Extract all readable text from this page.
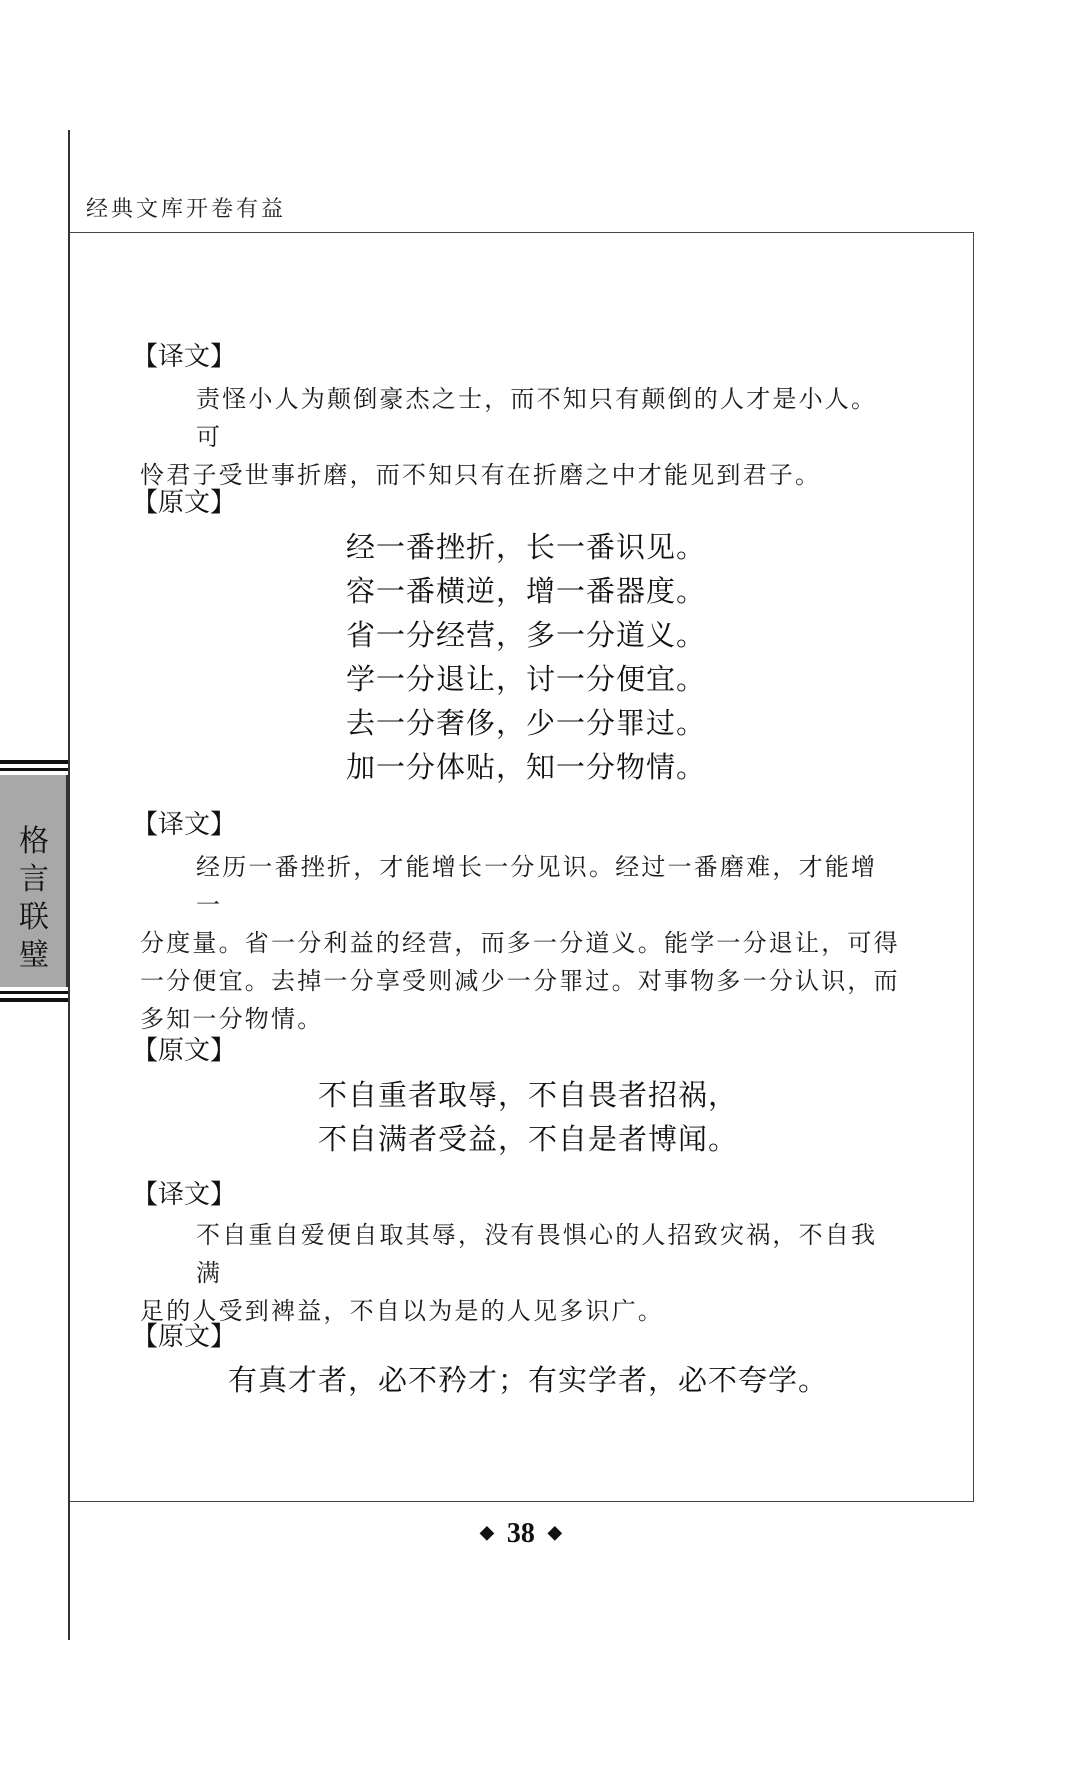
经典文库开卷有益
格
言
联
璧
【译文】
责怪小人为颠倒豪杰之士，而不知只有颠倒的人才是小人。可
怜君子受世事折磨，而不知只有在折磨之中才能见到君子。
【原文】
经一番挫折，长一番识见。
容一番横逆，增一番器度。
省一分经营，多一分道义。
学一分退让，讨一分便宜。
去一分奢侈，少一分罪过。
加一分体贴，知一分物情。
【译文】
经历一番挫折，才能增长一分见识。经过一番磨难，才能增一
分度量。省一分利益的经营，而多一分道义。能学一分退让，可得
一分便宜。去掉一分享受则减少一分罪过。对事物多一分认识，而
多知一分物情。
【原文】
不自重者取辱，不自畏者招祸，
不自满者受益，不自是者博闻。
【译文】
不自重自爱便自取其辱，没有畏惧心的人招致灾祸，不自我满
足的人受到裨益，不自以为是的人见多识广。
【原文】
有真才者，必不矜才；有实学者，必不夸学。
◆ 38 ◆
